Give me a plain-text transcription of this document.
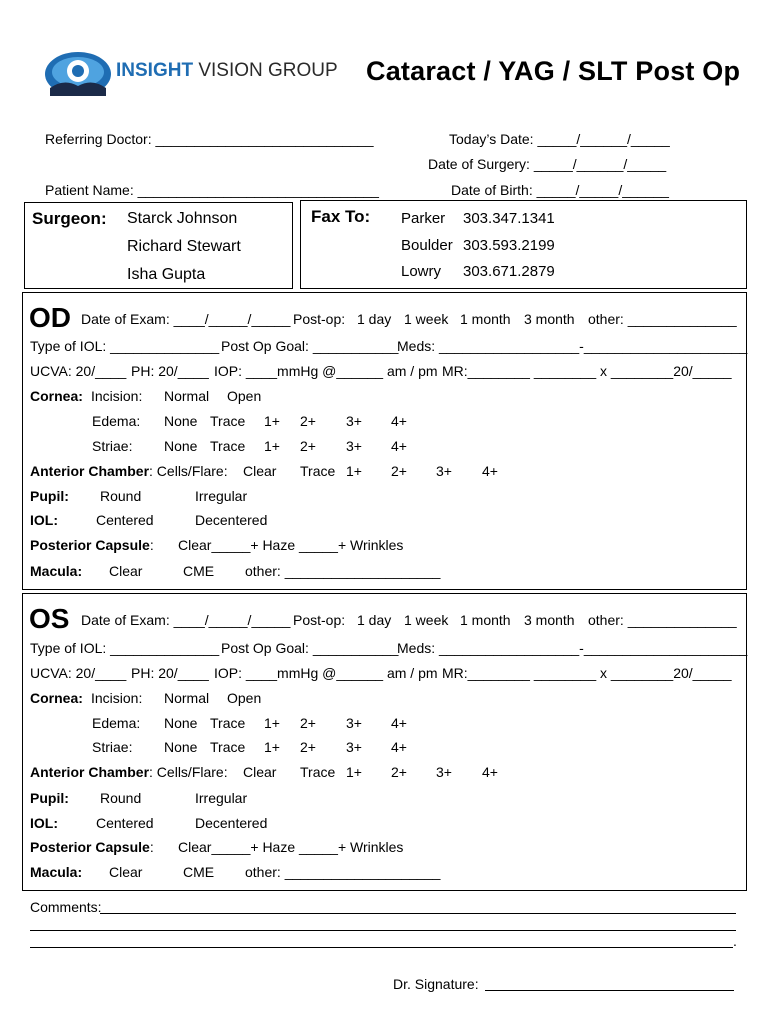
INSIGHT VISION GROUP Cataract / YAG / SLT Post Op
Referring Doctor: ____________________________	Today’s Date: _____/______/_____
Date of Surgery: _____/______/_____
Patient Name: _______________________________	Date of Birth: _____/_____/______
Surgeon: Starck Johnson
Richard Stewart
Isha Gupta
Fax To: Parker 303.347.1341
Boulder 303.593.2199
Lowry 303.671.2879
OD Date of Exam: ____/_____/_____ Post-op: 1 day 1 week 1 month 3 month other: ______________
Type of IOL: ______________ Post Op Goal: ___________
Meds: __________________-_____________________
UCVA: 20/____ PH: 20/____ IOP: ____mmHg @______ am / pm MR:________ ________ x ________20/_____
Cornea: Incision: Normal Open
Edema: None Trace 1+ 2+ 3+ 4+
Striae: None Trace 1+ 2+ 3+ 4+
Anterior Chamber: Cells/Flare: Clear Trace 1+ 2+ 3+ 4+
Pupil: Round	Irregular
IOL:	Centered	Decentered
Posterior Capsule: Clear_____+ Haze _____+ Wrinkles
Macula: Clear	CME other: ____________________
OS Date of Exam: ____/_____/_____ Post-op: 1 day 1 week 1 month 3 month other: ______________
Type of IOL: ______________ Post Op Goal: ___________
Meds: __________________-_____________________
UCVA: 20/____ PH: 20/____ IOP: ____mmHg @______ am / pm MR:________ ________ x ________20/_____
Cornea: Incision: Normal Open
Edema: None Trace 1+ 2+ 3+ 4+
Striae: None Trace 1+ 2+ 3+ 4+
Anterior Chamber: Cells/Flare: Clear Trace 1+ 2+ 3+ 4+
Pupil: Round	Irregular
IOL:	Centered	Decentered
Posterior Capsule: Clear_____+ Haze _____+ Wrinkles
Macula: Clear	CME other: ____________________
Comments:
.
Dr. Signature:
